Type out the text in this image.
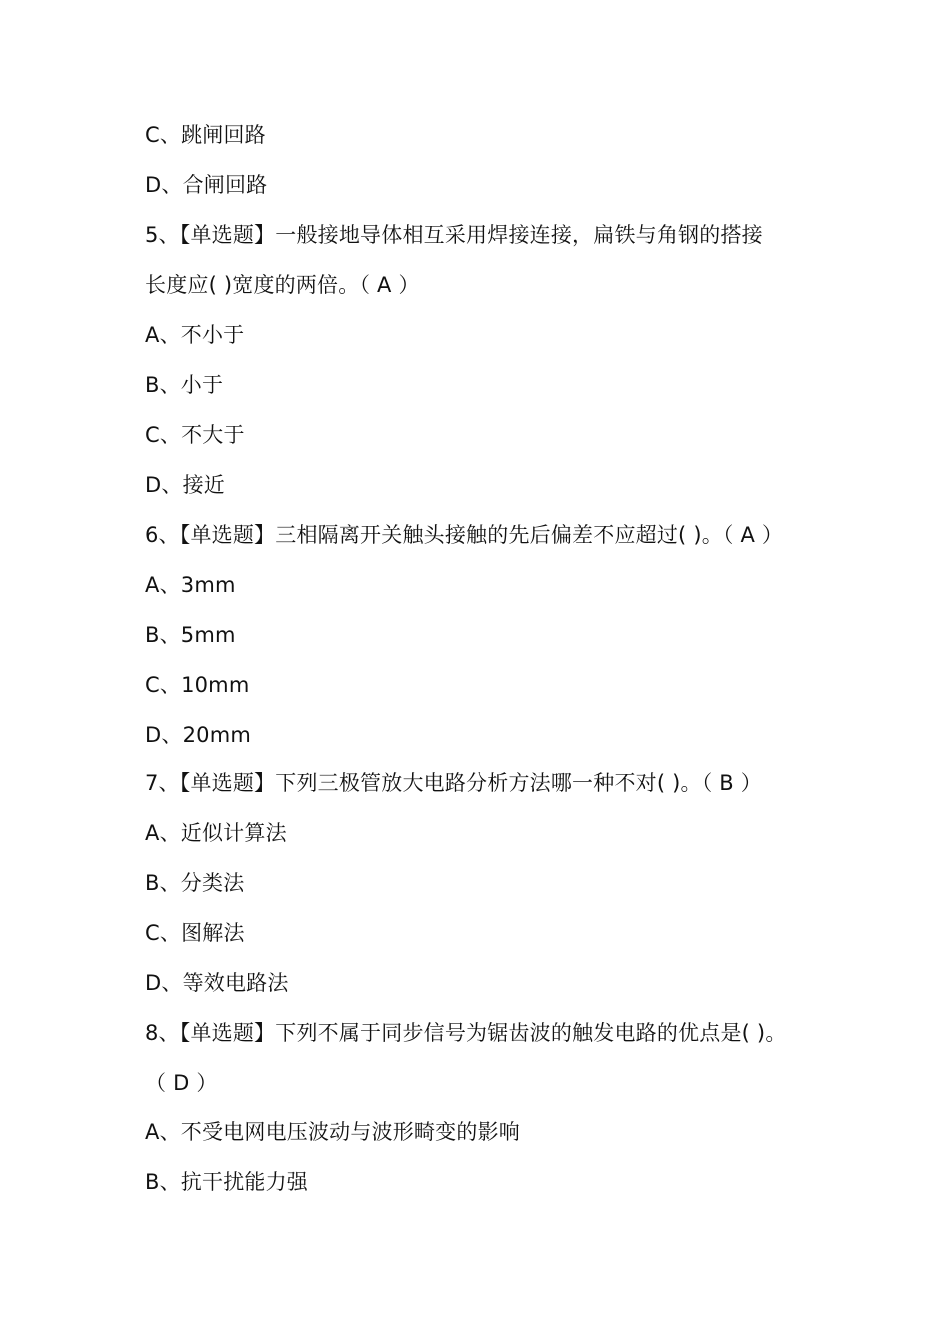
C、跳闸回路
D、合闸回路
5、【单选题】一般接地导体相互采用焊接连接，扁铁与角钢的搭接
长度应( )宽度的两倍。（ A ）
A、不小于
B、小于
C、不大于
D、接近
6、【单选题】三相隔离开关触头接触的先后偏差不应超过( )。（ A ）
A、3mm
B、5mm
C、10mm
D、20mm
7、【单选题】下列三极管放大电路分析方法哪一种不对( )。（ B ）
A、近似计算法
B、分类法
C、图解法
D、等效电路法
8、【单选题】下列不属于同步信号为锯齿波的触发电路的优点是( )。
（ D ）
A、不受电网电压波动与波形畸变的影响
B、抗干扰能力强
